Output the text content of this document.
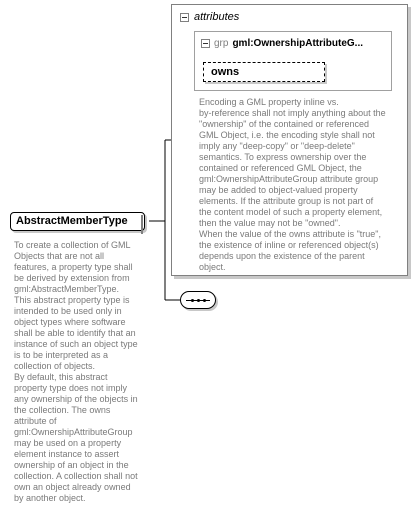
attributes
grp gml:OwnershipAttributeG...
owns
Encoding a GML property inline vs.
by-reference shall not imply anything about the
"ownership" of the contained or referenced
GML Object, i.e. the encoding style shall not
imply any "deep-copy" or "deep-delete"
semantics. To express ownership over the
contained or referenced GML Object, the
gml:OwnershipAttributeGroup attribute group
may be added to object-valued property
elements. If the attribute group is not part of
the content model of such a property element,
then the value may not be "owned".
When the value of the owns attribute is "true",
the existence of inline or referenced object(s)
depends upon the existence of the parent
object.
AbstractMemberType
To create a collection of GML
Objects that are not all
features, a property type shall
be derived by extension from
gml:AbstractMemberType.
This abstract property type is
intended to be used only in
object types where software
shall be able to identify that an
instance of such an object type
is to be interpreted as a
collection of objects.
By default, this abstract
property type does not imply
any ownership of the objects in
the collection. The owns
attribute of
gml:OwnershipAttributeGroup
may be used on a property
element instance to assert
ownership of an object in the
collection. A collection shall not
own an object already owned
by another object.
